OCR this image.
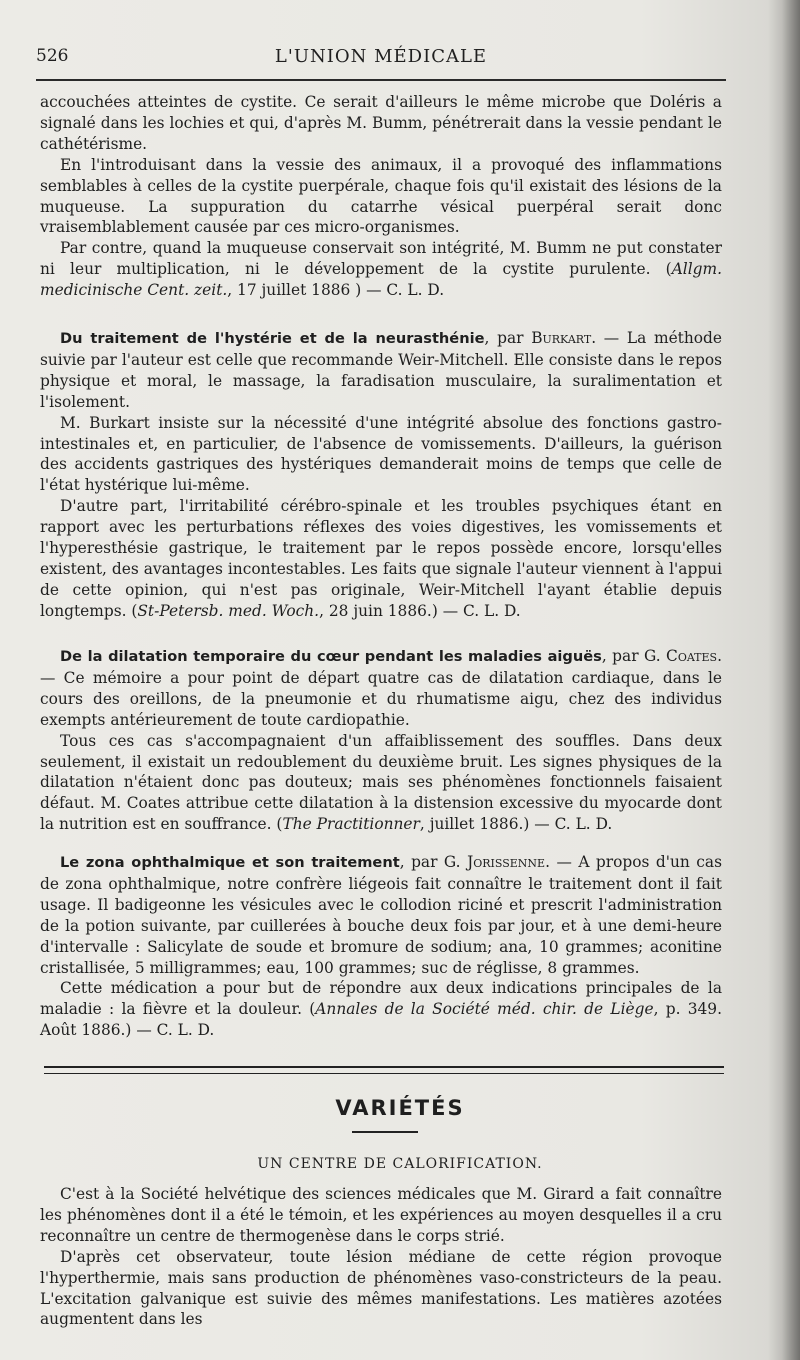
526	L'UNION MÉDICALE

accouchées atteintes de cystite. Ce serait d'ailleurs le même microbe que Doléris a signalé dans les lochies et qui, d'après M. Bumm, pénétrerait dans la vessie pendant le cathétérisme.

En l'introduisant dans la vessie des animaux, il a provoqué des inflammations semblables à celles de la cystite puerpérale, chaque fois qu'il existait des lésions de la muqueuse. La suppuration du catarrhe vésical puerpéral serait donc vraisemblablement causée par ces micro-organismes.

Par contre, quand la muqueuse conservait son intégrité, M. Bumm ne put constater ni leur multiplication, ni le développement de la cystite purulente. (Allgm. medicinische Cent. zeit., 17 juillet 1886 ) — C. L. D.

Du traitement de l'hystérie et de la neurasthénie, par Burkart. — La méthode suivie par l'auteur est celle que recommande Weir-Mitchell. Elle consiste dans le repos physique et moral, le massage, la faradisation musculaire, la suralimentation et l'isolement.

M. Burkart insiste sur la nécessité d'une intégrité absolue des fonctions gastro-intestinales et, en particulier, de l'absence de vomissements. D'ailleurs, la guérison des accidents gastriques des hystériques demanderait moins de temps que celle de l'état hystérique lui-même.

D'autre part, l'irritabilité cérébro-spinale et les troubles psychiques étant en rapport avec les perturbations réflexes des voies digestives, les vomissements et l'hyperesthésie gastrique, le traitement par le repos possède encore, lorsqu'elles existent, des avantages incontestables. Les faits que signale l'auteur viennent à l'appui de cette opinion, qui n'est pas originale, Weir-Mitchell l'ayant établie depuis longtemps. (St-Petersb. med. Woch., 28 juin 1886.) — C. L. D.

De la dilatation temporaire du cœur pendant les maladies aiguës, par G. Coates. — Ce mémoire a pour point de départ quatre cas de dilatation cardiaque, dans le cours des oreillons, de la pneumonie et du rhumatisme aigu, chez des individus exempts antérieurement de toute cardiopathie.

Tous ces cas s'accompagnaient d'un affaiblissement des souffles. Dans deux seulement, il existait un redoublement du deuxième bruit. Les signes physiques de la dilatation n'étaient donc pas douteux; mais ses phénomènes fonctionnels faisaient défaut. M. Coates attribue cette dilatation à la distension excessive du myocarde dont la nutrition est en souffrance. (The Practitionner, juillet 1886.) — C. L. D.

Le zona ophthalmique et son traitement, par G. Jorissenne. — A propos d'un cas de zona ophthalmique, notre confrère liégeois fait connaître le traitement dont il fait usage. Il badigeonne les vésicules avec le collodion riciné et prescrit l'administration de la potion suivante, par cuillerées à bouche deux fois par jour, et à une demi-heure d'intervalle : Salicylate de soude et bromure de sodium; ana, 10 grammes; aconitine cristallisée, 5 milligrammes; eau, 100 grammes; suc de réglisse, 8 grammes.

Cette médication a pour but de répondre aux deux indications principales de la maladie : la fièvre et la douleur. (Annales de la Société méd. chir. de Liège, p. 349. Août 1886.) — C. L. D.

VARIÉTÉS
UN CENTRE DE CALORIFICATION.

C'est à la Société helvétique des sciences médicales que M. Girard a fait connaître les phénomènes dont il a été le témoin, et les expériences au moyen desquelles il a cru reconnaître un centre de thermogenèse dans le corps strié.

D'après cet observateur, toute lésion médiane de cette région provoque l'hyperthermie, mais sans production de phénomènes vaso-constricteurs de la peau. L'excitation galvanique est suivie des mêmes manifestations. Les matières azotées augmentent dans les
